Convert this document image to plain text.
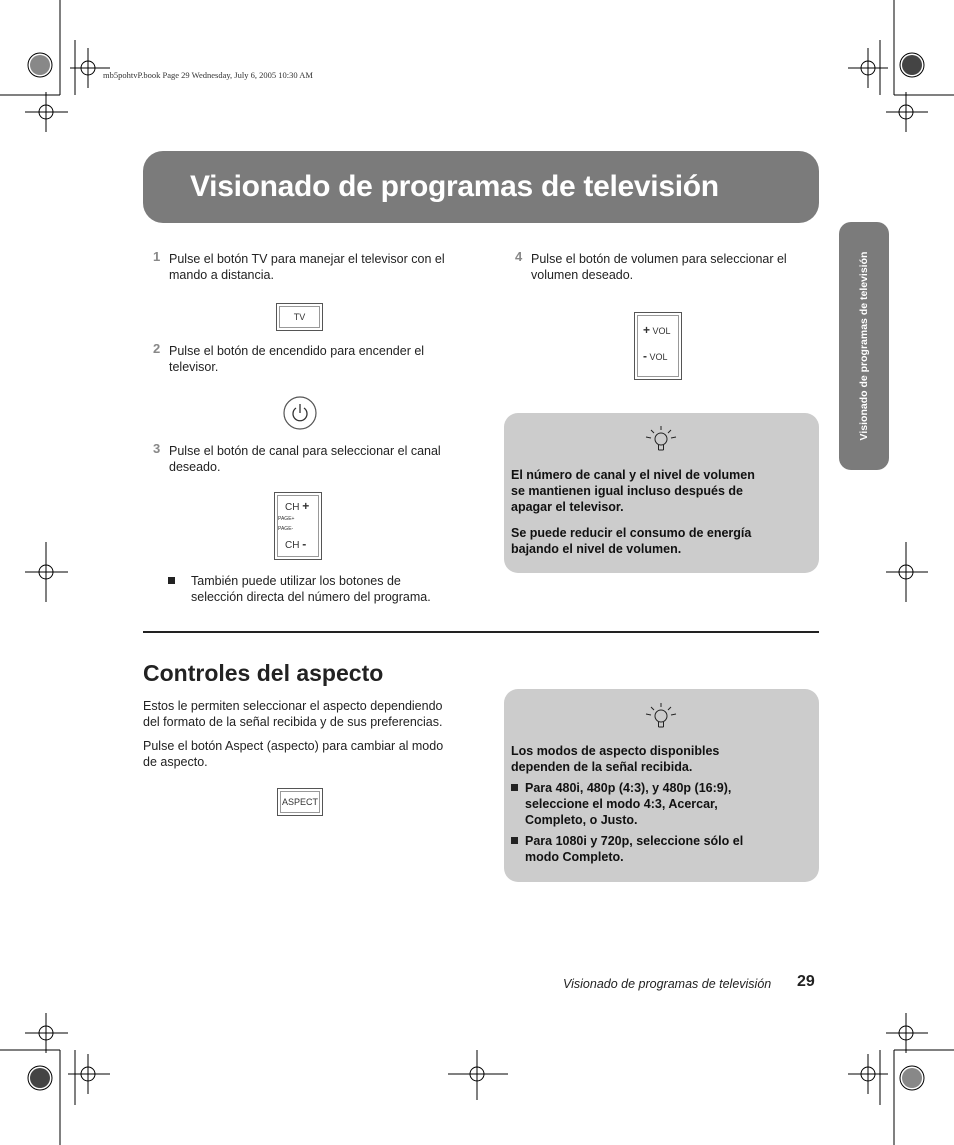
mb5pohtvP.book Page 29 Wednesday, July 6, 2005 10:30 AM
Visionado de programas de televisión
Visionado de programas de televisión
1 Pulse el botón TV para manejar el televisor con el
mando a distancia.
TV
2 Pulse el botón de encendido para encender el
televisor.
3 Pulse el botón de canal para seleccionar el canal
deseado.
CH +
PAGE+
PAGE-
CH -
También puede utilizar los botones de
selección directa del número del programa.
4 Pulse el botón de volumen para seleccionar el
volumen deseado.
+ VOL
- VOL
El número de canal y el nivel de volumen
se mantienen igual incluso después de
apagar el televisor.
Se puede reducir el consumo de energía
bajando el nivel de volumen.
Controles del aspecto
Estos le permiten seleccionar el aspecto dependiendo
del formato de la señal recibida y de sus preferencias.
Pulse el botón Aspect (aspecto) para cambiar al modo
de aspecto.
ASPECT
Los modos de aspecto disponibles
dependen de la señal recibida.
Para 480i, 480p (4:3), y 480p (16:9),
seleccione el modo 4:3, Acercar,
Completo, o Justo.
Para 1080i y 720p, seleccione sólo el
modo Completo.
Visionado de programas de televisión 29
